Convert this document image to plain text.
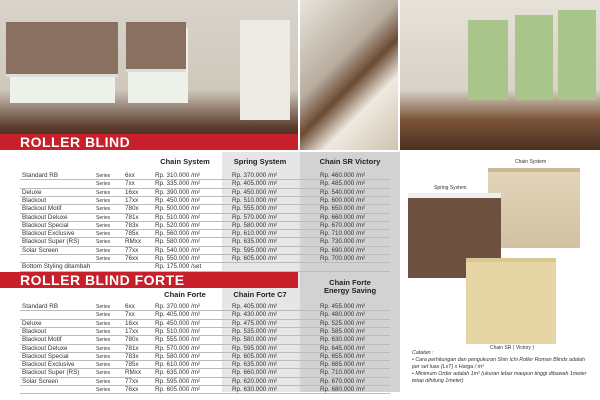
ROLLER BLIND
Chain System	Spring System	Chain SR Victory
Standard RB	Series 6xx	Rp. 310.000 /m²	Rp. 370.000 /m²	Rp. 460.000 /m²
Series 7xx	Rp. 335.000 /m²	Rp. 405.000 /m²	Rp. 485.000 /m²
Deluxe	Series 16xx	Rp. 390.000 /m²	Rp. 450.000 /m²	Rp. 540.000 /m²
Blackout	Series 17xx	Rp. 450.000 /m²	Rp. 510.000 /m²	Rp. 600.000 /m²
Blackout Motif	Series 780x	Rp. 500.000 /m²	Rp. 555.000 /m²	Rp. 650.000 /m²
Blackout Deluxe	Series 781x	Rp. 510.000 /m²	Rp. 570.000 /m²	Rp. 660.000 /m²
Blackout Special	Series 783x	Rp. 520.000 /m²	Rp. 580.000 /m²	Rp. 670.000 /m²
Blackout Exclusive	Series 785x	Rp. 560.000 /m²	Rp. 610.000 /m²	Rp. 710.000 /m²
Blackout Super (RS)	Series RMxx Rp. 580.000 /m²	Rp. 635.000 /m²	Rp. 730.000 /m²
Solar Screen	Series 77xx	Rp. 540.000 /m²	Rp. 595.000 /m²	Rp. 690.000 /m²
Series 76xx	Rp. 550.000 /m²	Rp. 605.000 /m²	Rp. 700.000 /m²
Bottom Styling ditambah	Rp. 175.000 /set
ROLLER BLIND FORTE
Chain Forte	Chain Forte C7
Chain Forte Energy Saving
Standard RB	Series 6xx	Rp. 370.000 /m²	Rp. 405.000 /m²	Rp. 455.000 /m²
Series 7xx	Rp. 405.000 /m²	Rp. 430.000 /m²	Rp. 480.000 /m²
Deluxe	Series 16xx	Rp. 450.000 /m²	Rp. 475.000 /m²	Rp. 525.000 /m²
Blackout	Series 17xx	Rp. 510.000 /m²	Rp. 535.000 /m²	Rp. 585.000 /m²
Blackout Motif	Series 780x	Rp. 555.000 /m²	Rp. 580.000 /m²	Rp. 630.000 /m²
Blackout Deluxe	Series 781x	Rp. 570.000 /m²	Rp. 595.000 /m²	Rp. 645.000 /m²
Blackout Special	Series 783x	Rp. 580.000 /m²	Rp. 605.000 /m²	Rp. 655.000 /m²
Blackout Exclusive	Series 785x	Rp. 610.000 /m²	Rp. 635.000 /m²	Rp. 685.000 /m²
Blackout Super (RS)	Series RMxx Rp. 635.000 /m²	Rp. 660.000 /m²	Rp. 710.000 /m²
Solar Screen	Series 77xx	Rp. 595.000 /m²	Rp. 620.000 /m²	Rp. 670.000 /m²
Series 76xx	Rp. 605.000 /m²	Rp. 630.000 /m²	Rp. 680.000 /m²
Chain System
Spring System
Chain SR ( Victory )
Catatan :
• Cara perhitungan dan pengukuran Shin Ichi Roller Roman Blinds adalah per set luas (LxT) x Harga / m²
• Minimum Order adalah 1m² (ukuran lebar maupun tinggi dibawah 1meter tetap dihitung 1meter)
